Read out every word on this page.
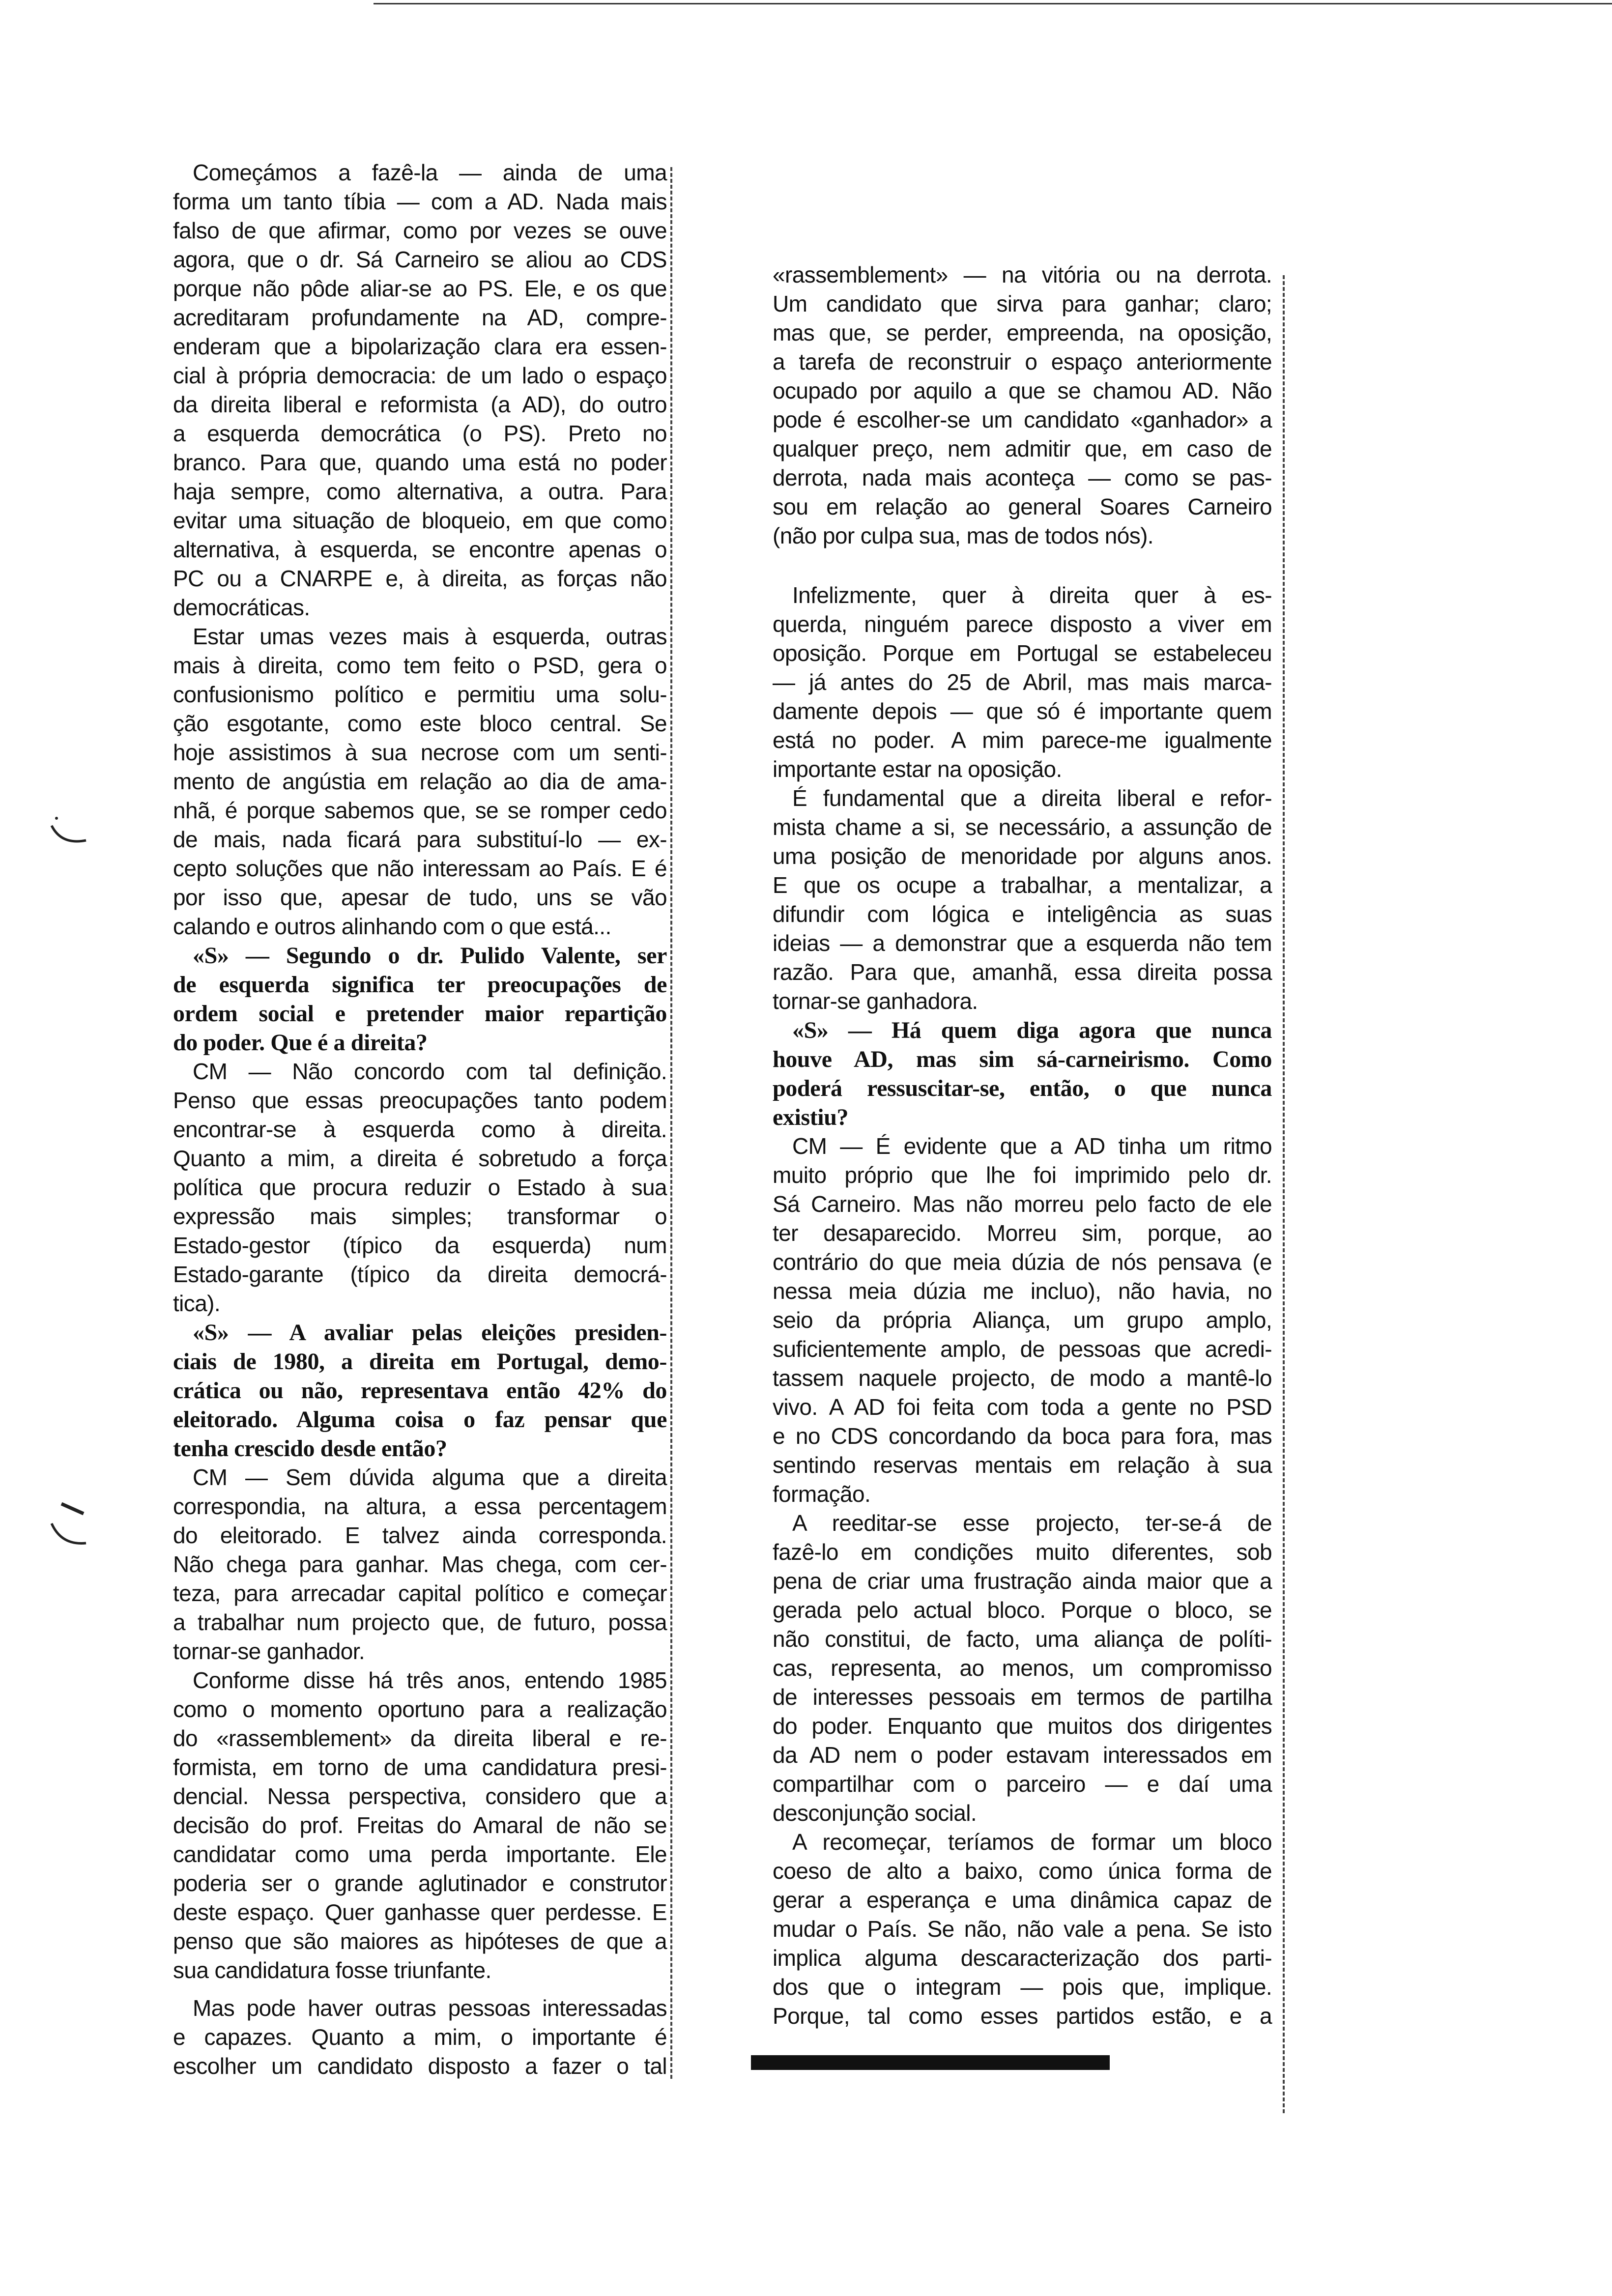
Começámos a fazê-la — ainda de uma
forma um tanto tíbia — com a AD. Nada mais
falso de que afirmar, como por vezes se ouve
agora, que o dr. Sá Carneiro se aliou ao CDS
porque não pôde aliar-se ao PS. Ele, e os que
acreditaram profundamente na AD, compre-
enderam que a bipolarização clara era essen-
cial à própria democracia: de um lado o espaço
da direita liberal e reformista (a AD), do outro
a esquerda democrática (o PS). Preto no
branco. Para que, quando uma está no poder
haja sempre, como alternativa, a outra. Para
evitar uma situação de bloqueio, em que como
alternativa, à esquerda, se encontre apenas o
PC ou a CNARPE e, à direita, as forças não
democráticas.
Estar umas vezes mais à esquerda, outras
mais à direita, como tem feito o PSD, gera o
confusionismo político e permitiu uma solu-
ção esgotante, como este bloco central. Se
hoje assistimos à sua necrose com um senti-
mento de angústia em relação ao dia de ama-
nhã, é porque sabemos que, se se romper cedo
de mais, nada ficará para substituí-lo — ex-
cepto soluções que não interessam ao País. E é
por isso que, apesar de tudo, uns se vão
calando e outros alinhando com o que está...
«S» — Segundo o dr. Pulido Valente, ser
de esquerda significa ter preocupações de
ordem social e pretender maior repartição
do poder. Que é a direita?
CM — Não concordo com tal definição.
Penso que essas preocupações tanto podem
encontrar-se à esquerda como à direita.
Quanto a mim, a direita é sobretudo a força
política que procura reduzir o Estado à sua
expressão mais simples; transformar o
Estado-gestor (típico da esquerda) num
Estado-garante (típico da direita democrá-
tica).
«S» — A avaliar pelas eleições presiden-
ciais de 1980, a direita em Portugal, demo-
crática ou não, representava então 42% do
eleitorado. Alguma coisa o faz pensar que
tenha crescido desde então?
CM — Sem dúvida alguma que a direita
correspondia, na altura, a essa percentagem
do eleitorado. E talvez ainda corresponda.
Não chega para ganhar. Mas chega, com cer-
teza, para arrecadar capital político e começar
a trabalhar num projecto que, de futuro, possa
tornar-se ganhador.
Conforme disse há três anos, entendo 1985
como o momento oportuno para a realização
do «rassemblement» da direita liberal e re-
formista, em torno de uma candidatura presi-
dencial. Nessa perspectiva, considero que a
decisão do prof. Freitas do Amaral de não se
candidatar como uma perda importante. Ele
poderia ser o grande aglutinador e construtor
deste espaço. Quer ganhasse quer perdesse. E
penso que são maiores as hipóteses de que a
sua candidatura fosse triunfante.
Mas pode haver outras pessoas interessadas
e capazes. Quanto a mim, o importante é
escolher um candidato disposto a fazer o tal
«rassemblement» — na vitória ou na derrota.
Um candidato que sirva para ganhar; claro;
mas que, se perder, empreenda, na oposição,
a tarefa de reconstruir o espaço anteriormente
ocupado por aquilo a que se chamou AD. Não
pode é escolher-se um candidato «ganhador» a
qualquer preço, nem admitir que, em caso de
derrota, nada mais aconteça — como se pas-
sou em relação ao general Soares Carneiro
(não por culpa sua, mas de todos nós).
Infelizmente, quer à direita quer à es-
querda, ninguém parece disposto a viver em
oposição. Porque em Portugal se estabeleceu
— já antes do 25 de Abril, mas mais marca-
damente depois — que só é importante quem
está no poder. A mim parece-me igualmente
importante estar na oposição.
É fundamental que a direita liberal e refor-
mista chame a si, se necessário, a assunção de
uma posição de menoridade por alguns anos.
E que os ocupe a trabalhar, a mentalizar, a
difundir com lógica e inteligência as suas
ideias — a demonstrar que a esquerda não tem
razão. Para que, amanhã, essa direita possa
tornar-se ganhadora.
«S» — Há quem diga agora que nunca
houve AD, mas sim sá-carneirismo. Como
poderá ressuscitar-se, então, o que nunca
existiu?
CM — É evidente que a AD tinha um ritmo
muito próprio que lhe foi imprimido pelo dr.
Sá Carneiro. Mas não morreu pelo facto de ele
ter desaparecido. Morreu sim, porque, ao
contrário do que meia dúzia de nós pensava (e
nessa meia dúzia me incluo), não havia, no
seio da própria Aliança, um grupo amplo,
suficientemente amplo, de pessoas que acredi-
tassem naquele projecto, de modo a mantê-lo
vivo. A AD foi feita com toda a gente no PSD
e no CDS concordando da boca para fora, mas
sentindo reservas mentais em relação à sua
formação.
A reeditar-se esse projecto, ter-se-á de
fazê-lo em condições muito diferentes, sob
pena de criar uma frustração ainda maior que a
gerada pelo actual bloco. Porque o bloco, se
não constitui, de facto, uma aliança de políti-
cas, representa, ao menos, um compromisso
de interesses pessoais em termos de partilha
do poder. Enquanto que muitos dos dirigentes
da AD nem o poder estavam interessados em
compartilhar com o parceiro — e daí uma
desconjunção social.
A recomeçar, teríamos de formar um bloco
coeso de alto a baixo, como única forma de
gerar a esperança e uma dinâmica capaz de
mudar o País. Se não, não vale a pena. Se isto
implica alguma descaracterização dos parti-
dos que o integram — pois que, implique.
Porque, tal como esses partidos estão, e a
